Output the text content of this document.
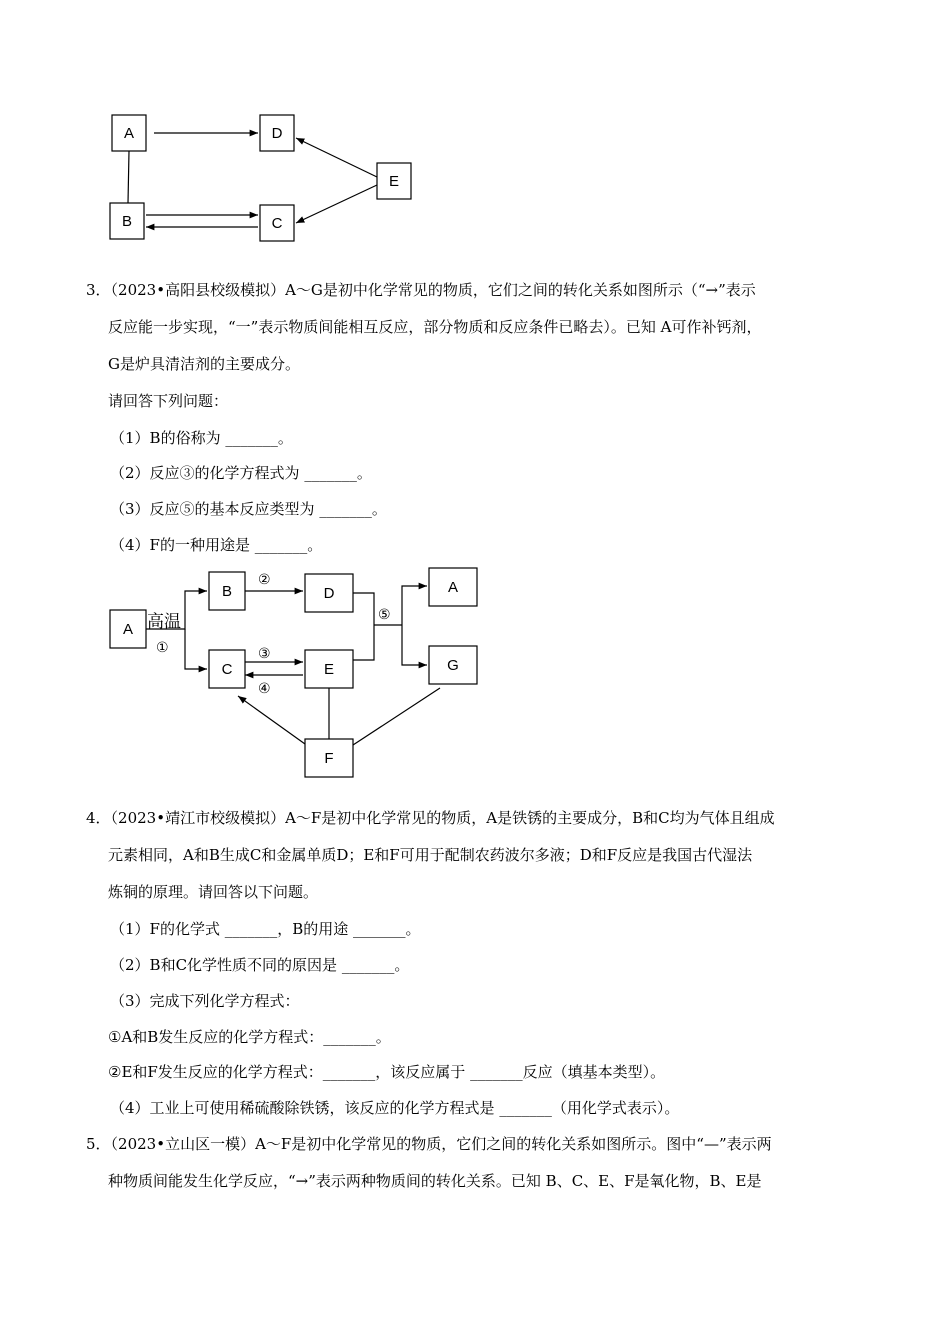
A	D
E
B	C
3．（2023•高阳县校级模拟）A～G是初中化学常见的物质，它们之间的转化关系如图所示（“→”表示
反应能一步实现，“一”表示物质间能相互反应，部分物质和反应条件已略去）。已知 A可作补钙剂，
G是炉具清洁剂的主要成分。
请回答下列问题：
（1）B的俗称为 _______。
（2）反应③的化学方程式为 _______。
（3）反应⑤的基本反应类型为 _______。
（4）F的一种用途是 _______。
A
B	D	A
C	E	G
F
高温
①
②
③
④
⑤
4．（2023•靖江市校级模拟）A～F是初中化学常见的物质，A是铁锈的主要成分，B和C均为气体且组成
元素相同，A和B生成C和金属单质D；E和F可用于配制农药波尔多液；D和F反应是我国古代湿法
炼铜的原理。请回答以下问题。
（1）F的化学式 _______，B的用途 _______。
（2）B和C化学性质不同的原因是 _______。
（3）完成下列化学方程式：
①A和B发生反应的化学方程式：_______。
②E和F发生反应的化学方程式：_______，该反应属于 _______反应（填基本类型）。
（4）工业上可使用稀硫酸除铁锈，该反应的化学方程式是 _______（用化学式表示）。
5．（2023•立山区一模）A～F是初中化学常见的物质，它们之间的转化关系如图所示。图中“—”表示两
种物质间能发生化学反应，“→”表示两种物质间的转化关系。已知 B、C、E、F是氧化物，B、E是
